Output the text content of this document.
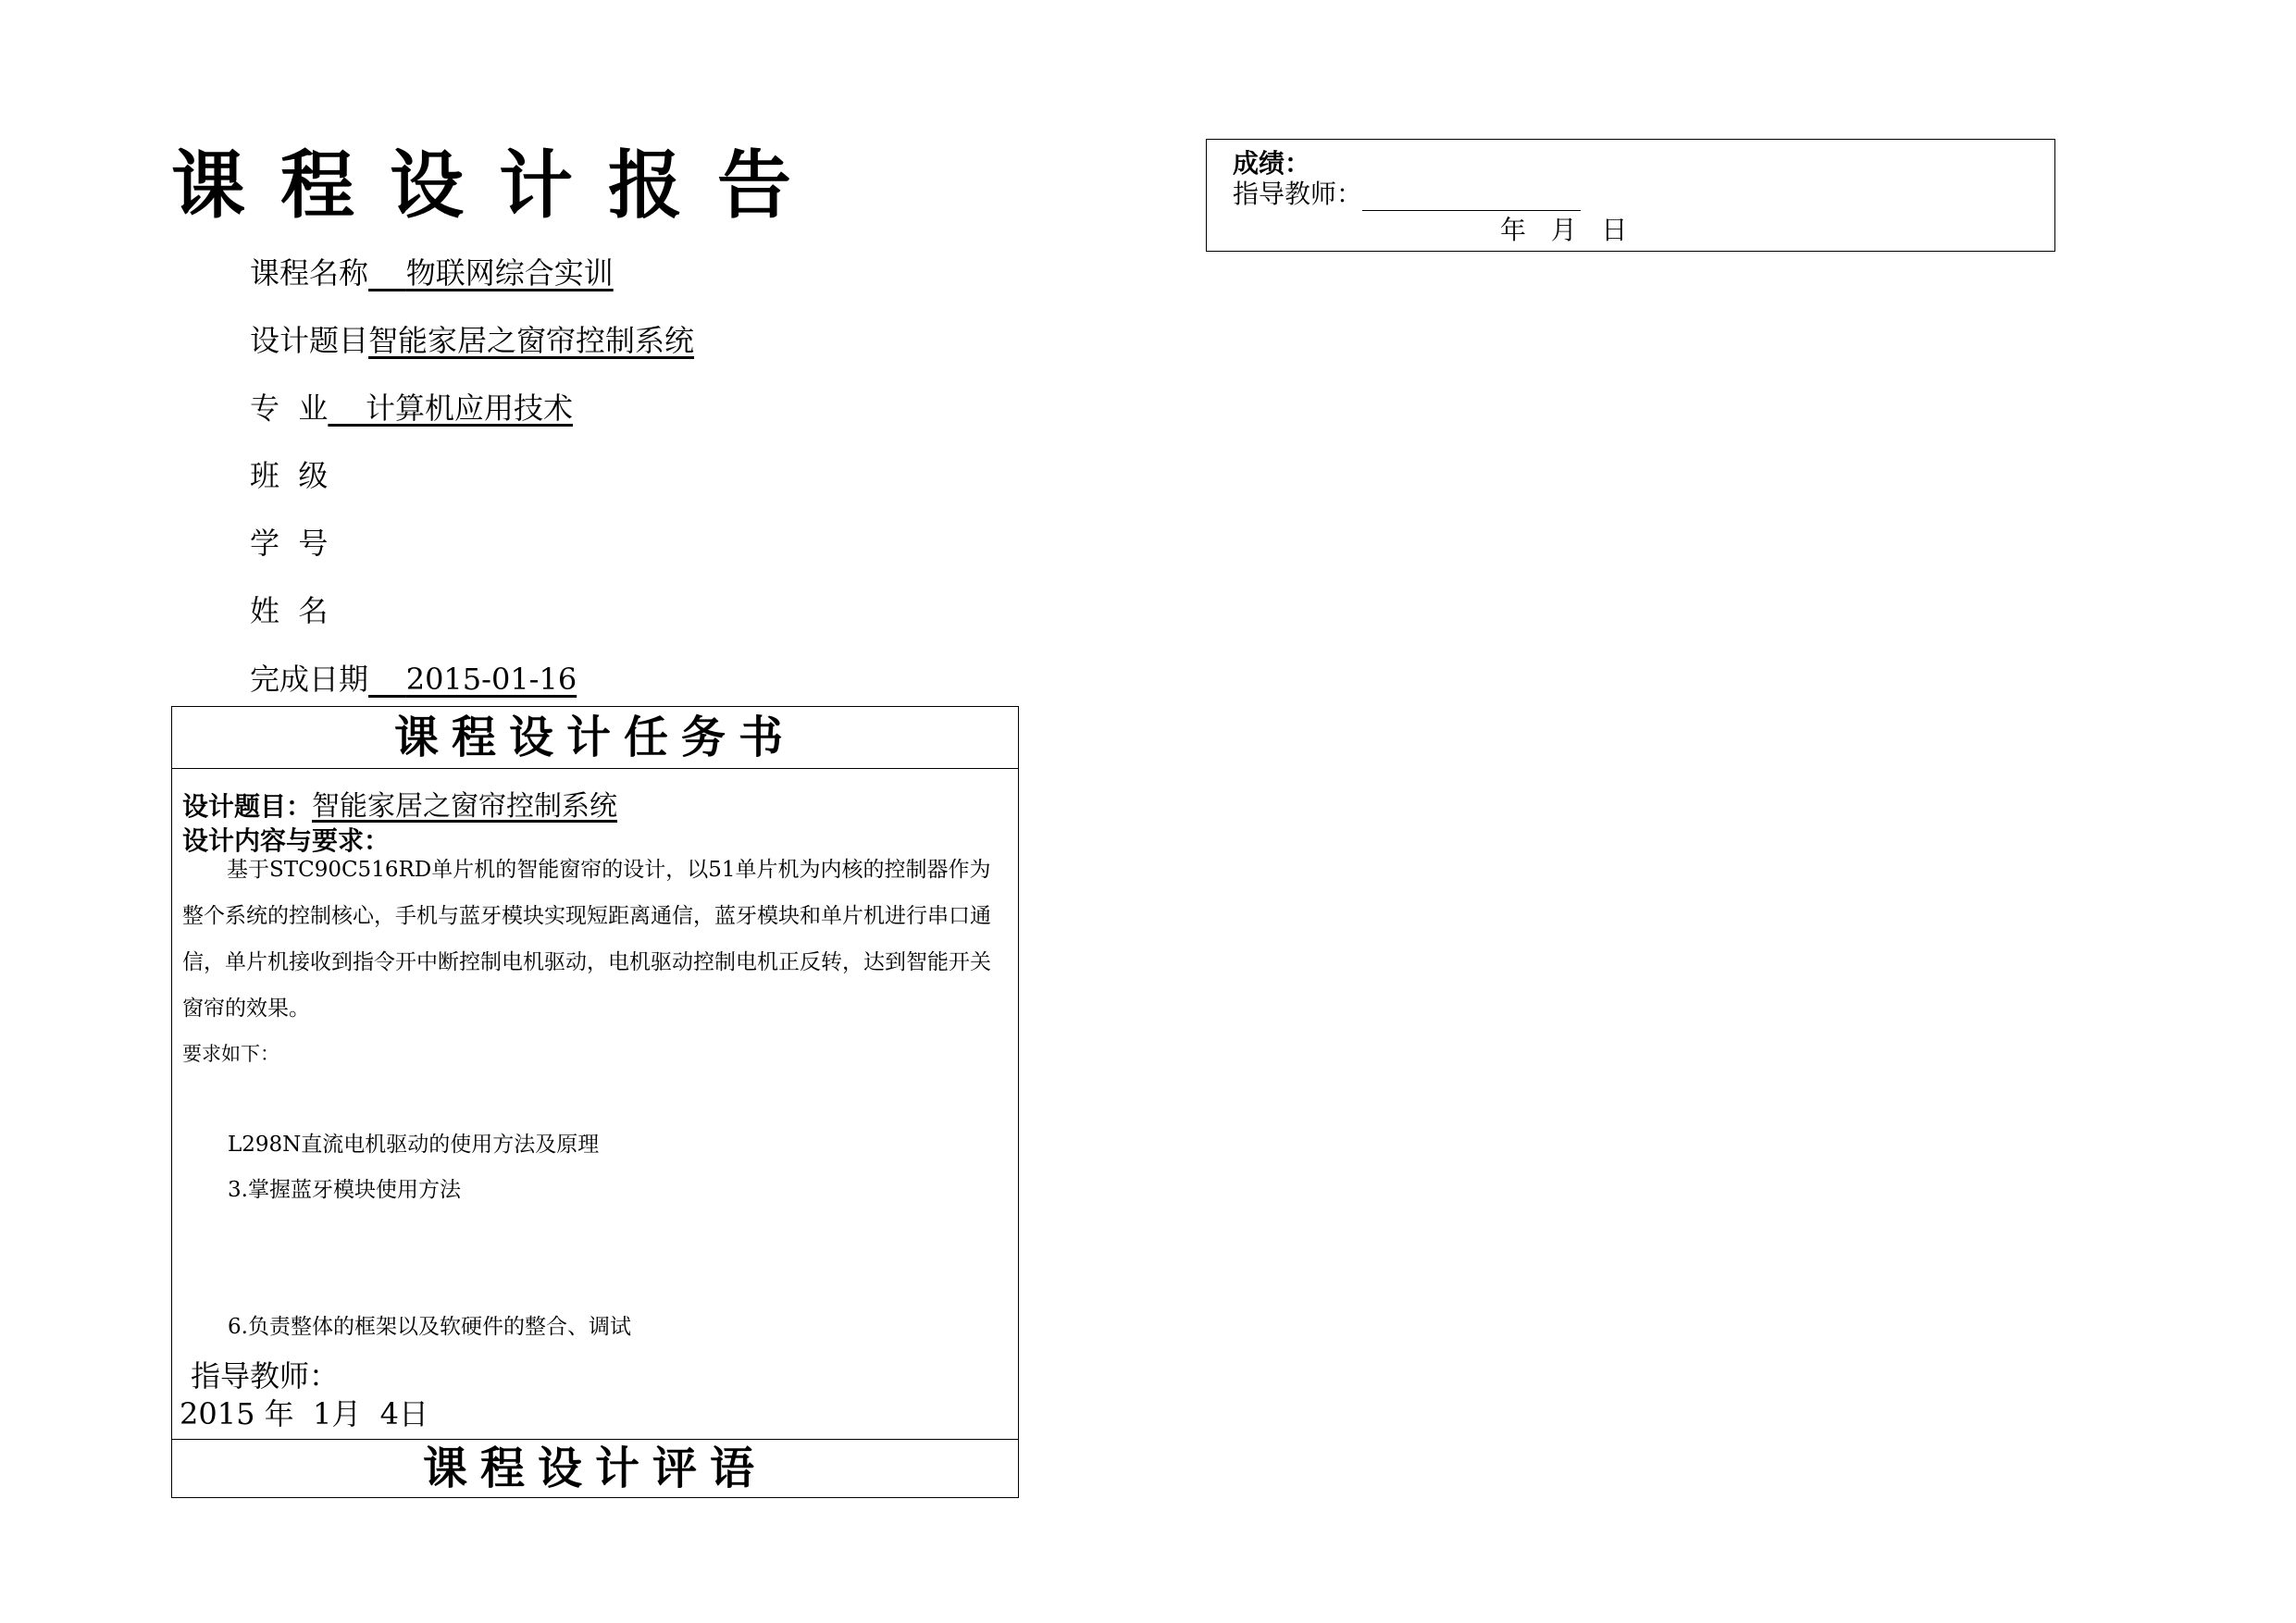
课程设计报告
课程名称 物联网综合实训
设计题目智能家居之窗帘控制系统
专  业 计算机应用技术
班  级
学  号
姓  名
完成日期 2015-01-16
课程设计任务书
设计题目：智能家居之窗帘控制系统
设计内容与要求：
基于STC90C516RD单片机的智能窗帘的设计，以51单片机为内核的控制器作为整个系统的控制核心，手机与蓝牙模块实现短距离通信，蓝牙模块和单片机进行串口通信，单片机接收到指令开中断控制电机驱动，电机驱动控制电机正反转，达到智能开关窗帘的效果。
要求如下：
L298N直流电机驱动的使用方法及原理
3.掌握蓝牙模块使用方法
6.负责整体的框架以及软硬件的整合、调试
指导教师：
2015 年  1月  4日
课程设计评语
成绩：
指导教师：
年   月   日
